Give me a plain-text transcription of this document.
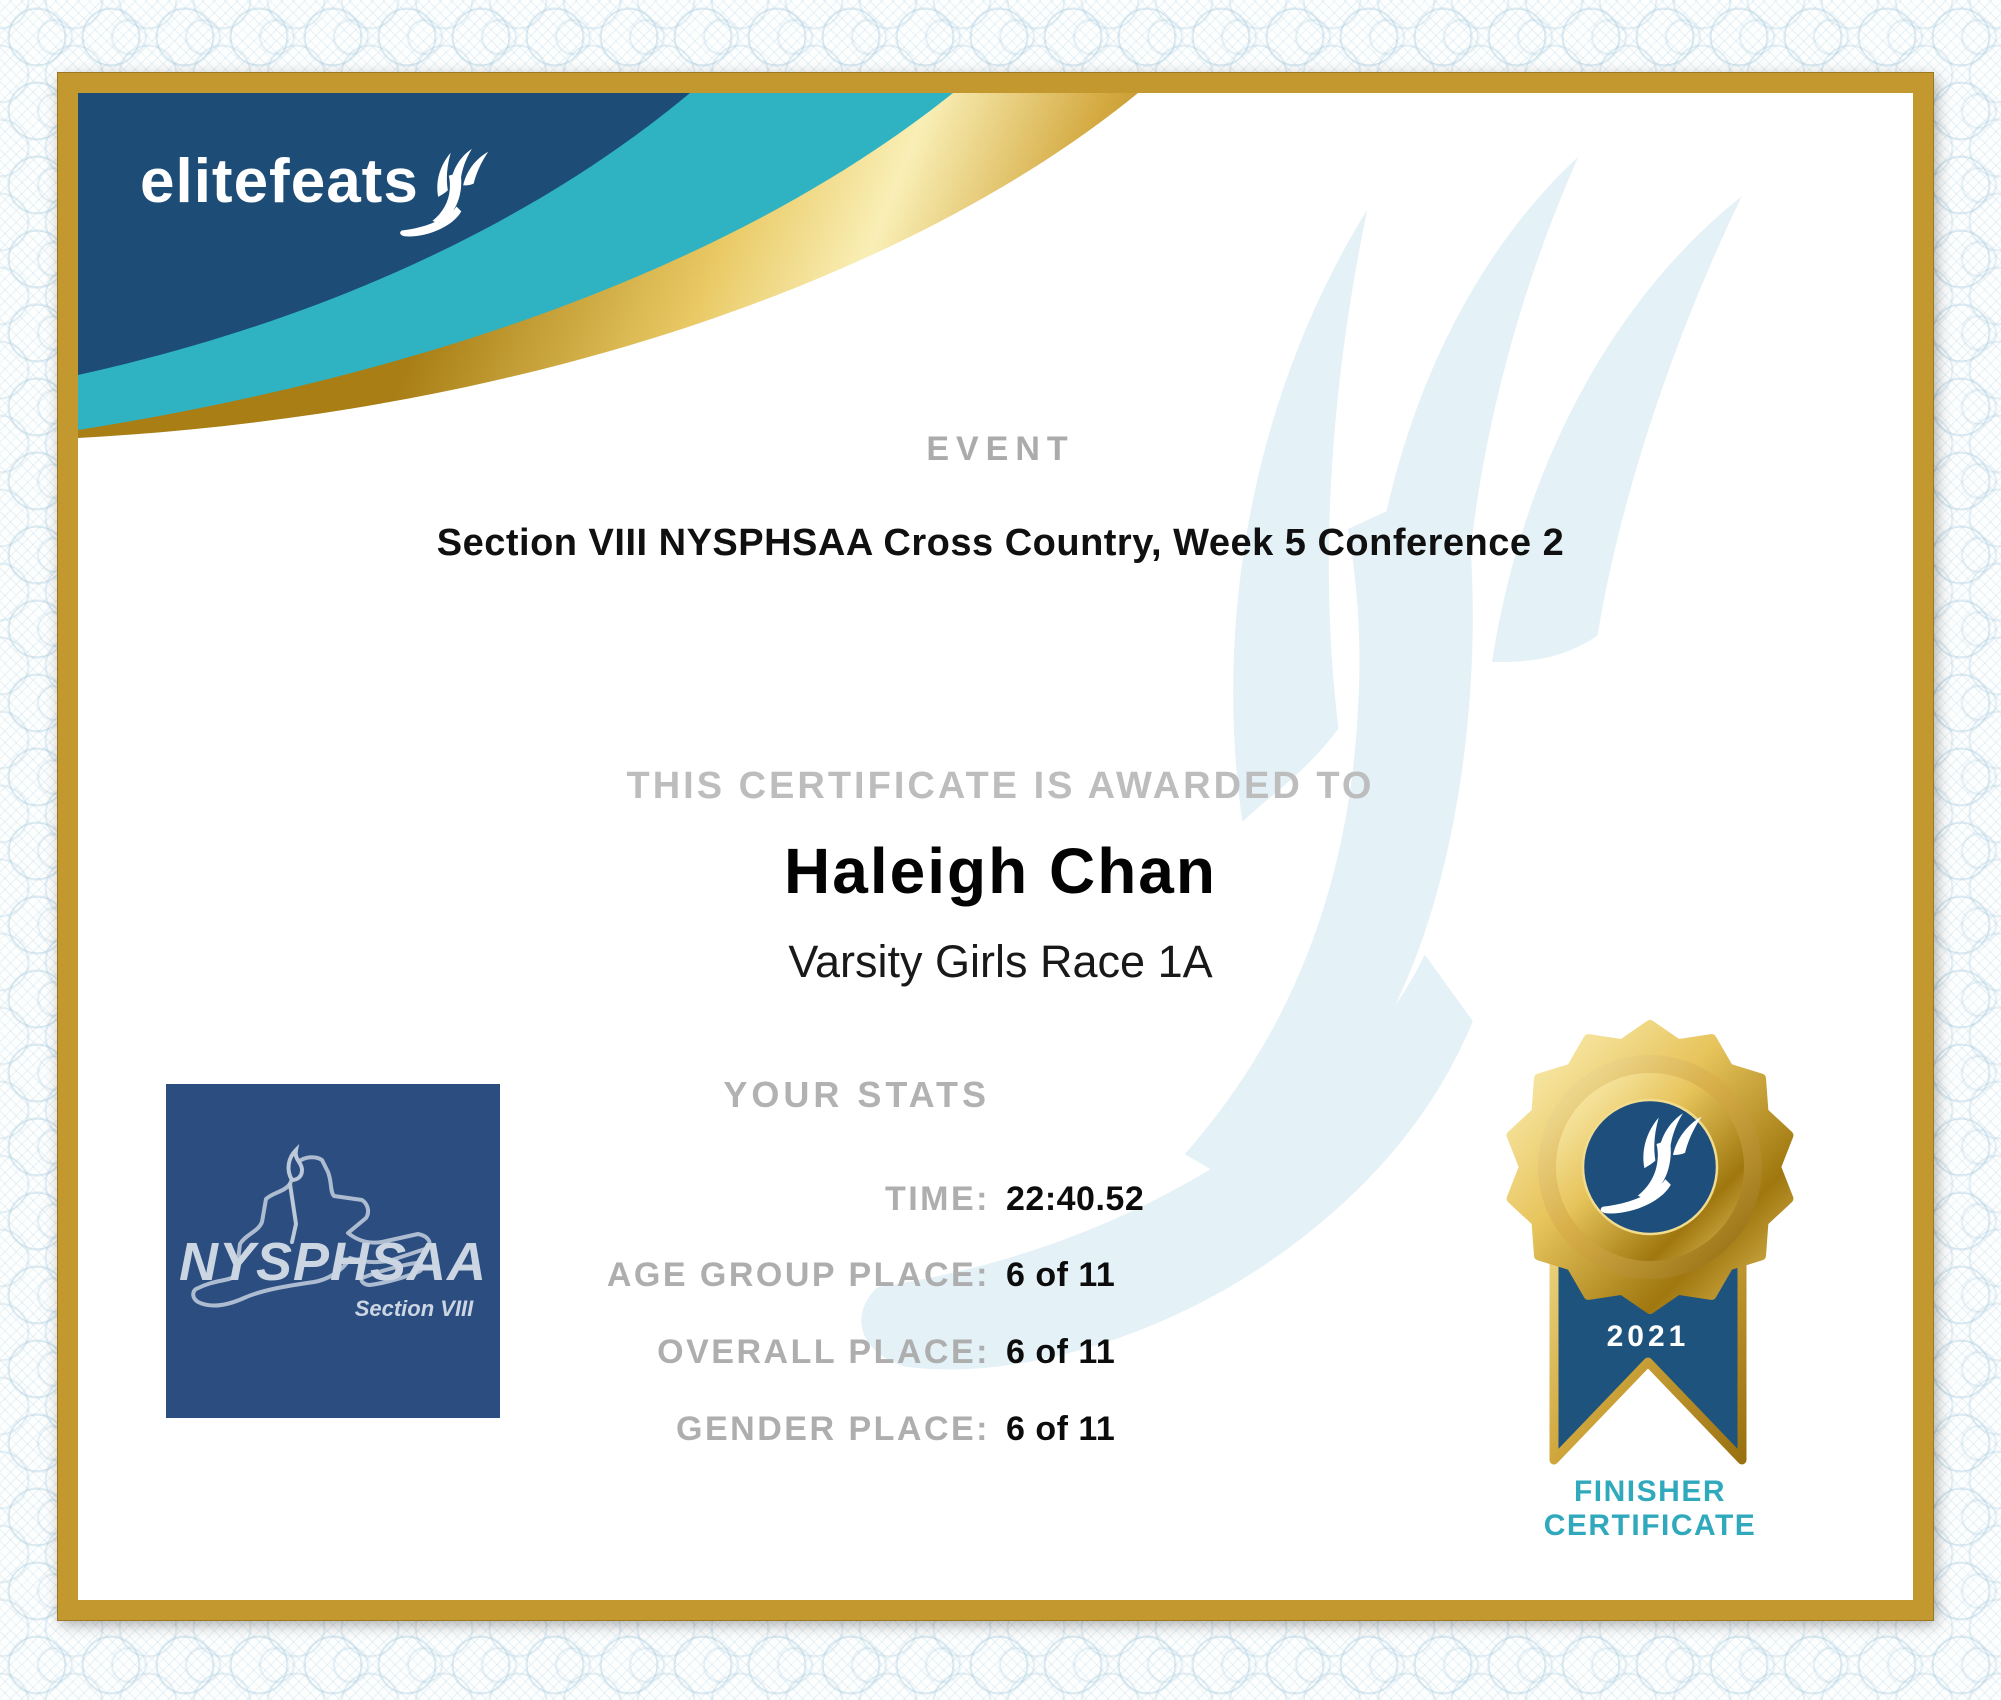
elitefeats
EVENT
Section VIII NYSPHSAA Cross Country, Week 5 Conference 2
THIS CERTIFICATE IS AWARDED TO
Haleigh Chan
Varsity Girls Race 1A
YOUR STATS
TIME: 22:40.52
AGE GROUP PLACE: 6 of 11
OVERALL PLACE: 6 of 11
GENDER PLACE: 6 of 11
NYSPHSAA
Section VIII
2021
FINISHER
CERTIFICATE
